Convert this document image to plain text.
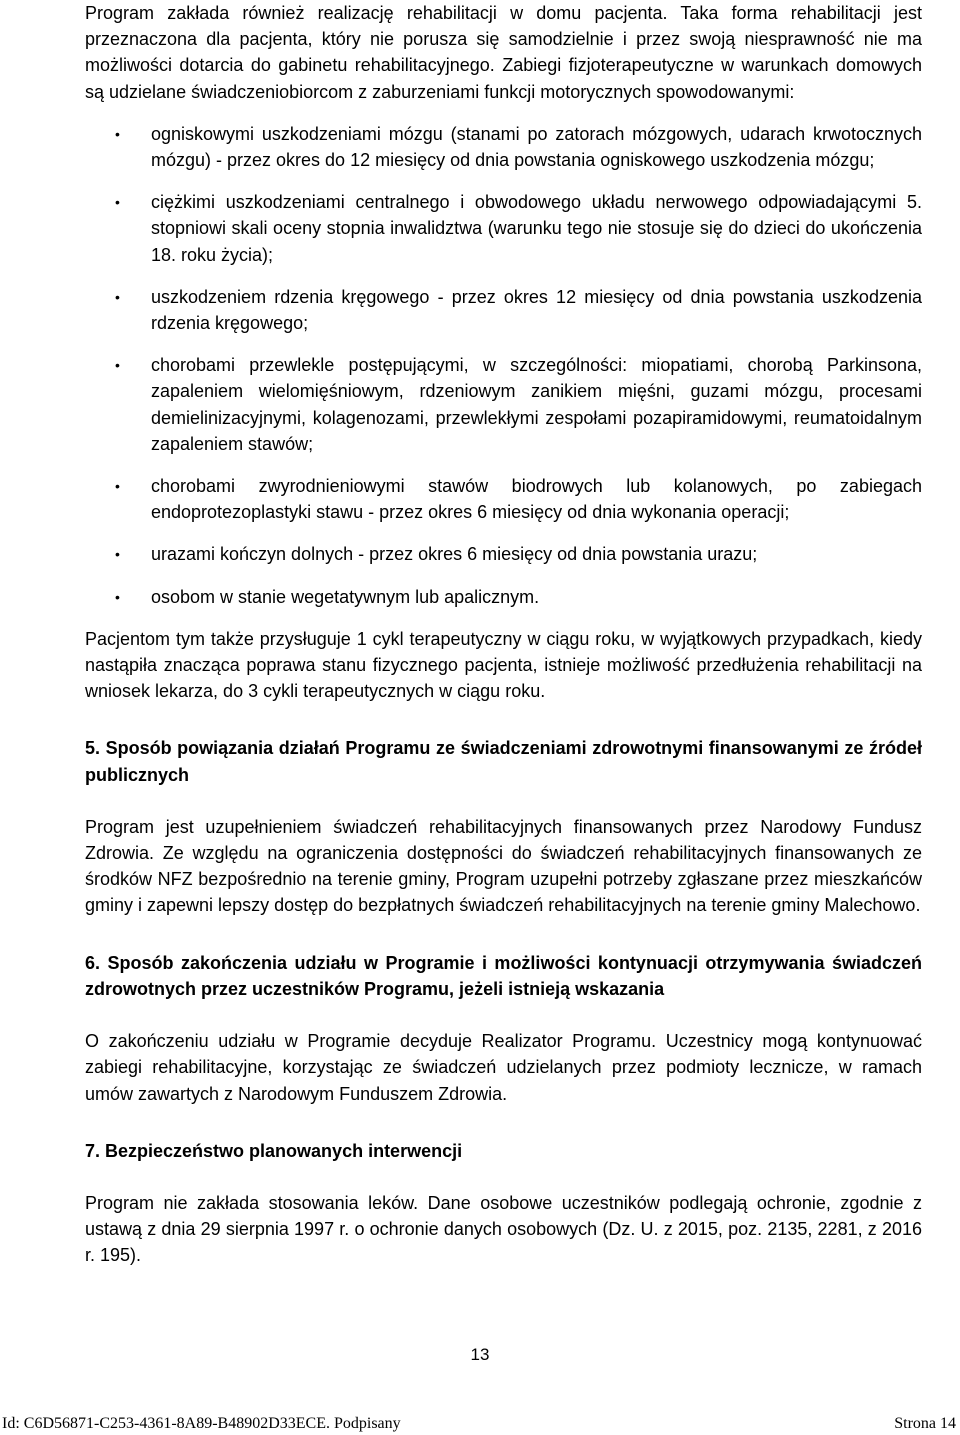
Program zakłada również realizację rehabilitacji w domu pacjenta. Taka forma rehabilitacji jest przeznaczona dla pacjenta, który nie porusza się samodzielnie i przez swoją niesprawność nie ma możliwości dotarcia do gabinetu rehabilitacyjnego. Zabiegi fizjoterapeutyczne w warunkach domowych są udzielane świadczeniobiorcom z zaburzeniami funkcji motorycznych spowodowanymi:

• ogniskowymi uszkodzeniami mózgu (stanami po zatorach mózgowych, udarach krwotocznych mózgu) - przez okres do 12 miesięcy od dnia powstania ogniskowego uszkodzenia mózgu;
• ciężkimi uszkodzeniami centralnego i obwodowego układu nerwowego odpowiadającymi 5. stopniowi skali oceny stopnia inwalidztwa (warunku tego nie stosuje się do dzieci do ukończenia 18. roku życia);
• uszkodzeniem rdzenia kręgowego - przez okres 12 miesięcy od dnia powstania uszkodzenia rdzenia kręgowego;
• chorobami przewlekle postępującymi, w szczególności: miopatiami, chorobą Parkinsona, zapaleniem wielomięśniowym, rdzeniowym zanikiem mięśni, guzami mózgu, procesami demielinizacyjnymi, kolagenozami, przewlekłymi zespołami pozapiramidowymi, reumatoidalnym zapaleniem stawów;
• chorobami zwyrodnieniowymi stawów biodrowych lub kolanowych, po zabiegach endoprotezoplastyki stawu - przez okres 6 miesięcy od dnia wykonania operacji;
• urazami kończyn dolnych - przez okres 6 miesięcy od dnia powstania urazu;
• osobom w stanie wegetatywnym lub apalicznym.

Pacjentom tym także przysługuje 1 cykl terapeutyczny w ciągu roku, w wyjątkowych przypadkach, kiedy nastąpiła znacząca poprawa stanu fizycznego pacjenta, istnieje możliwość przedłużenia rehabilitacji na wniosek lekarza, do 3 cykli terapeutycznych w ciągu roku.

5. Sposób powiązania działań Programu ze świadczeniami zdrowotnymi finansowanymi ze źródeł publicznych

Program jest uzupełnieniem świadczeń rehabilitacyjnych finansowanych przez Narodowy Fundusz Zdrowia. Ze względu na ograniczenia dostępności do świadczeń rehabilitacyjnych finansowanych ze środków NFZ bezpośrednio na terenie gminy, Program uzupełni potrzeby zgłaszane przez mieszkańców gminy i zapewni lepszy dostęp do bezpłatnych świadczeń rehabilitacyjnych na terenie gminy Malechowo.

6. Sposób zakończenia udziału w Programie i możliwości kontynuacji otrzymywania świadczeń zdrowotnych przez uczestników Programu, jeżeli istnieją wskazania

O zakończeniu udziału w Programie decyduje Realizator Programu. Uczestnicy mogą kontynuować zabiegi rehabilitacyjne, korzystając ze świadczeń udzielanych przez podmioty lecznicze, w ramach umów zawartych z Narodowym Funduszem Zdrowia.

7. Bezpieczeństwo planowanych interwencji

Program nie zakłada stosowania leków. Dane osobowe uczestników podlegają ochronie, zgodnie z ustawą z dnia 29 sierpnia 1997 r. o ochronie danych osobowych (Dz. U. z 2015, poz. 2135, 2281, z 2016 r. 195).

13
Id: C6D56871-C253-4361-8A89-B48902D33ECE. Podpisany	Strona 14
